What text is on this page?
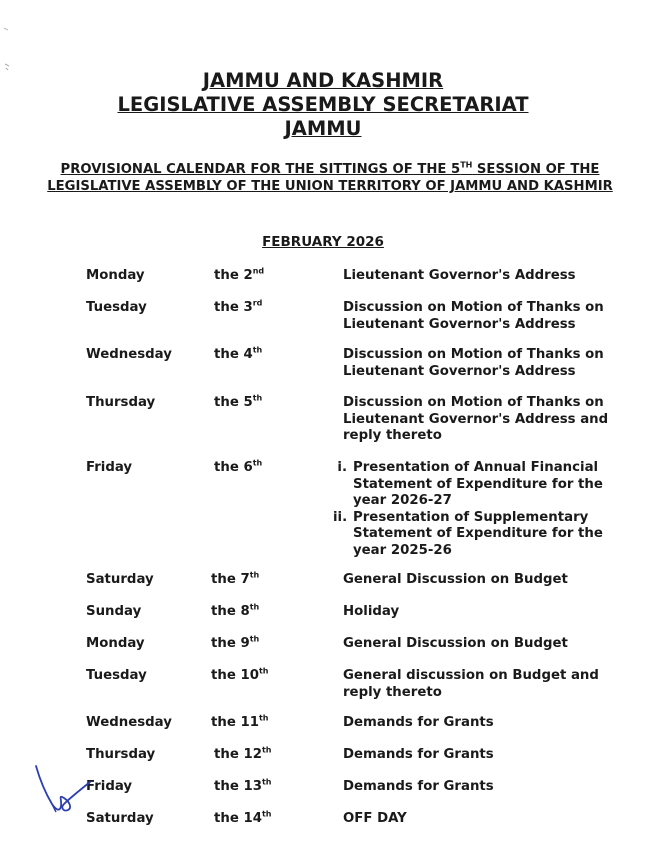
JAMMU AND KASHMIR
LEGISLATIVE ASSEMBLY SECRETARIAT
JAMMU
PROVISIONAL CALENDAR FOR THE SITTINGS OF THE 5TH SESSION OF THE LEGISLATIVE ASSEMBLY OF THE UNION TERRITORY OF JAMMU AND KASHMIR
FEBRUARY 2026
Monday	the 2nd	Lieutenant Governor's Address
Tuesday	the 3rd	Discussion on Motion of Thanks on Lieutenant Governor's Address
Wednesday	the 4th	Discussion on Motion of Thanks on Lieutenant Governor's Address
Thursday	the 5th	Discussion on Motion of Thanks on Lieutenant Governor's Address and reply thereto
Friday	the 6th	i. Presentation of Annual Financial Statement of Expenditure for the year 2026-27
ii. Presentation of Supplementary Statement of Expenditure for the year 2025-26
Saturday	the 7th	General Discussion on Budget
Sunday	the 8th	Holiday
Monday	the 9th	General Discussion on Budget
Tuesday	the 10th	General discussion on Budget and reply thereto
Wednesday	the 11th	Demands for Grants
Thursday	the 12th	Demands for Grants
Friday	the 13th	Demands for Grants
Saturday	the 14th	OFF DAY
